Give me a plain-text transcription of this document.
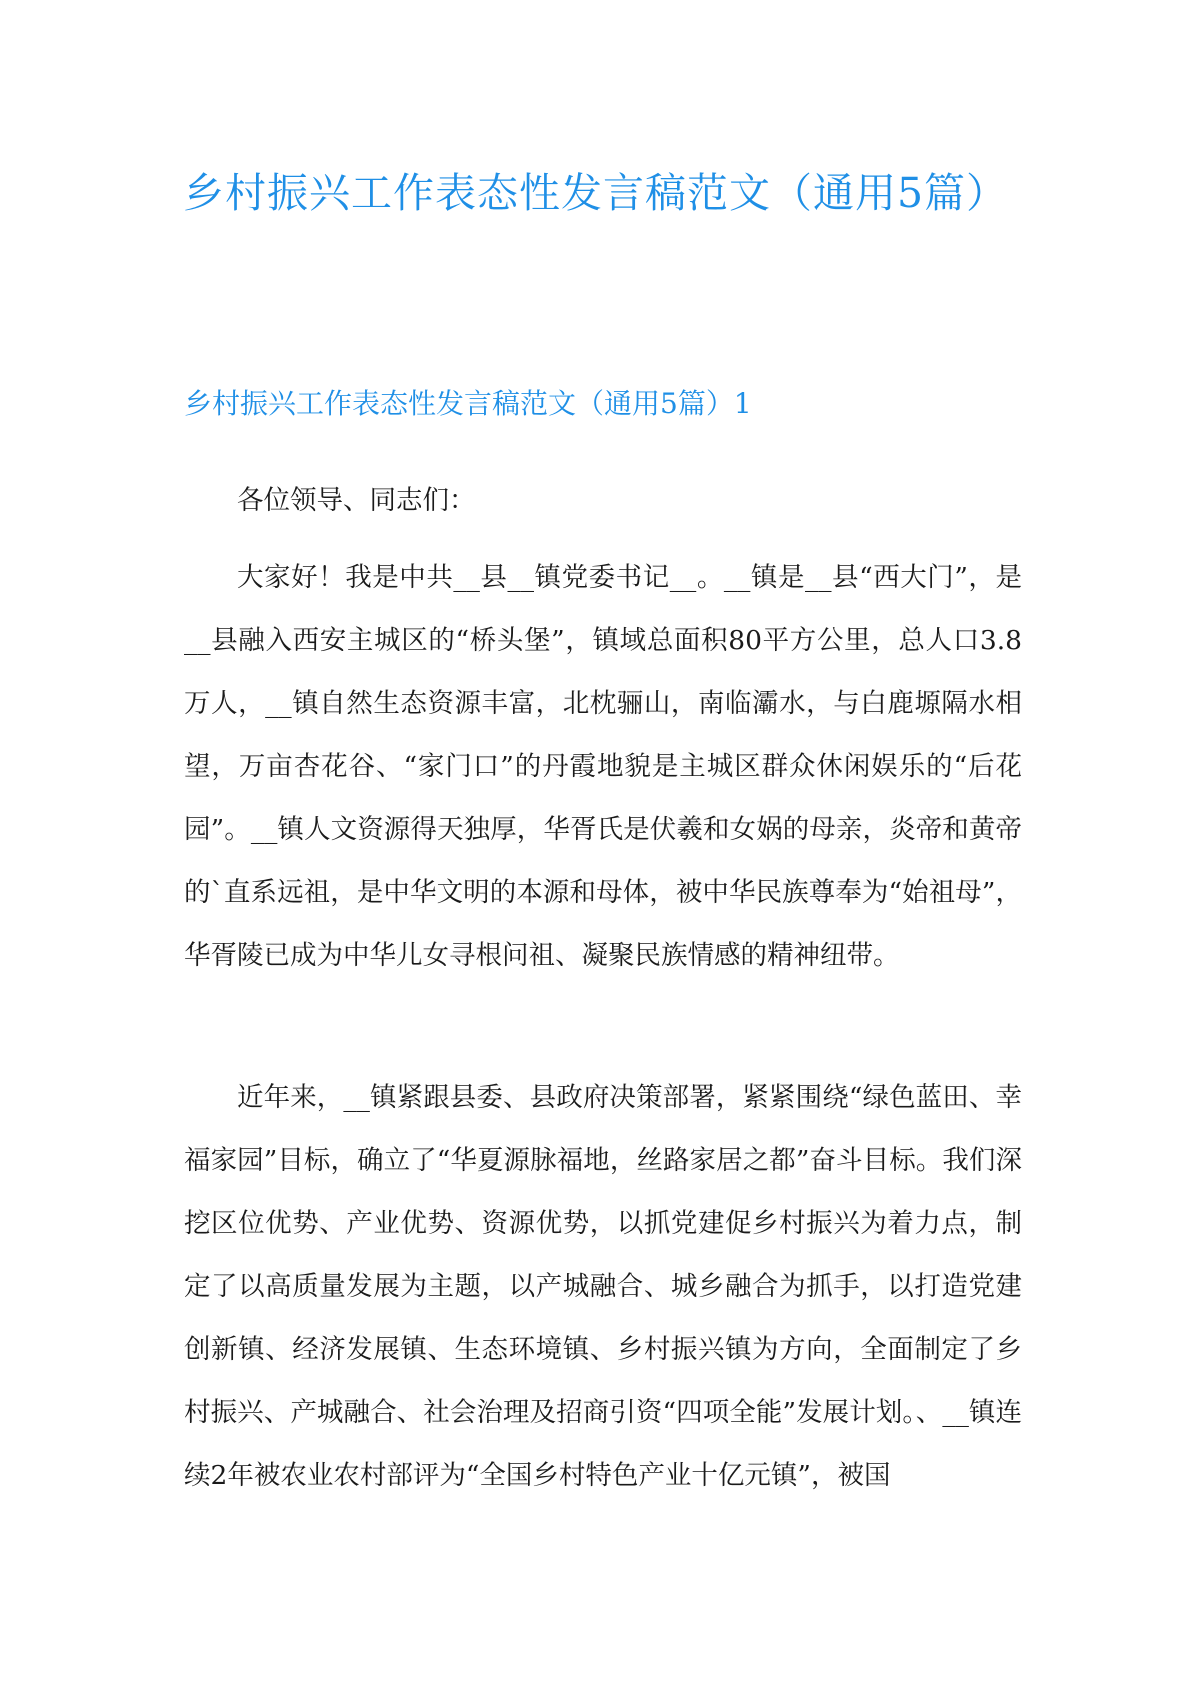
乡村振兴工作表态性发言稿范文（通用5篇）
乡村振兴工作表态性发言稿范文（通用5篇）1

各位领导、同志们：

大家好！我是中共__县__镇党委书记__。__镇是__县“西大门”，是__县融入西安主城区的“桥头堡”，镇域总面积80平方公里，总人口3.8万人，__镇自然生态资源丰富，北枕骊山，南临灞水，与白鹿塬隔水相望，万亩杏花谷、“家门口”的丹霞地貌是主城区群众休闲娱乐的“后花园”。__镇人文资源得天独厚，华胥氏是伏羲和女娲的母亲，炎帝和黄帝的`直系远祖，是中华文明的本源和母体，被中华民族尊奉为“始祖母”，华胥陵已成为中华儿女寻根问祖、凝聚民族情感的精神纽带。

近年来，__镇紧跟县委、县政府决策部署，紧紧围绕“绿色蓝田、幸福家园”目标，确立了“华夏源脉福地，丝路家居之都”奋斗目标。我们深挖区位优势、产业优势、资源优势，以抓党建促乡村振兴为着力点，制定了以高质量发展为主题，以产城融合、城乡融合为抓手，以打造党建创新镇、经济发展镇、生态环境镇、乡村振兴镇为方向，全面制定了乡村振兴、产城融合、社会治理及招商引资“四项全能”发展计划。、__镇连续2年被农业农村部评为“全国乡村特色产业十亿元镇”，被国
